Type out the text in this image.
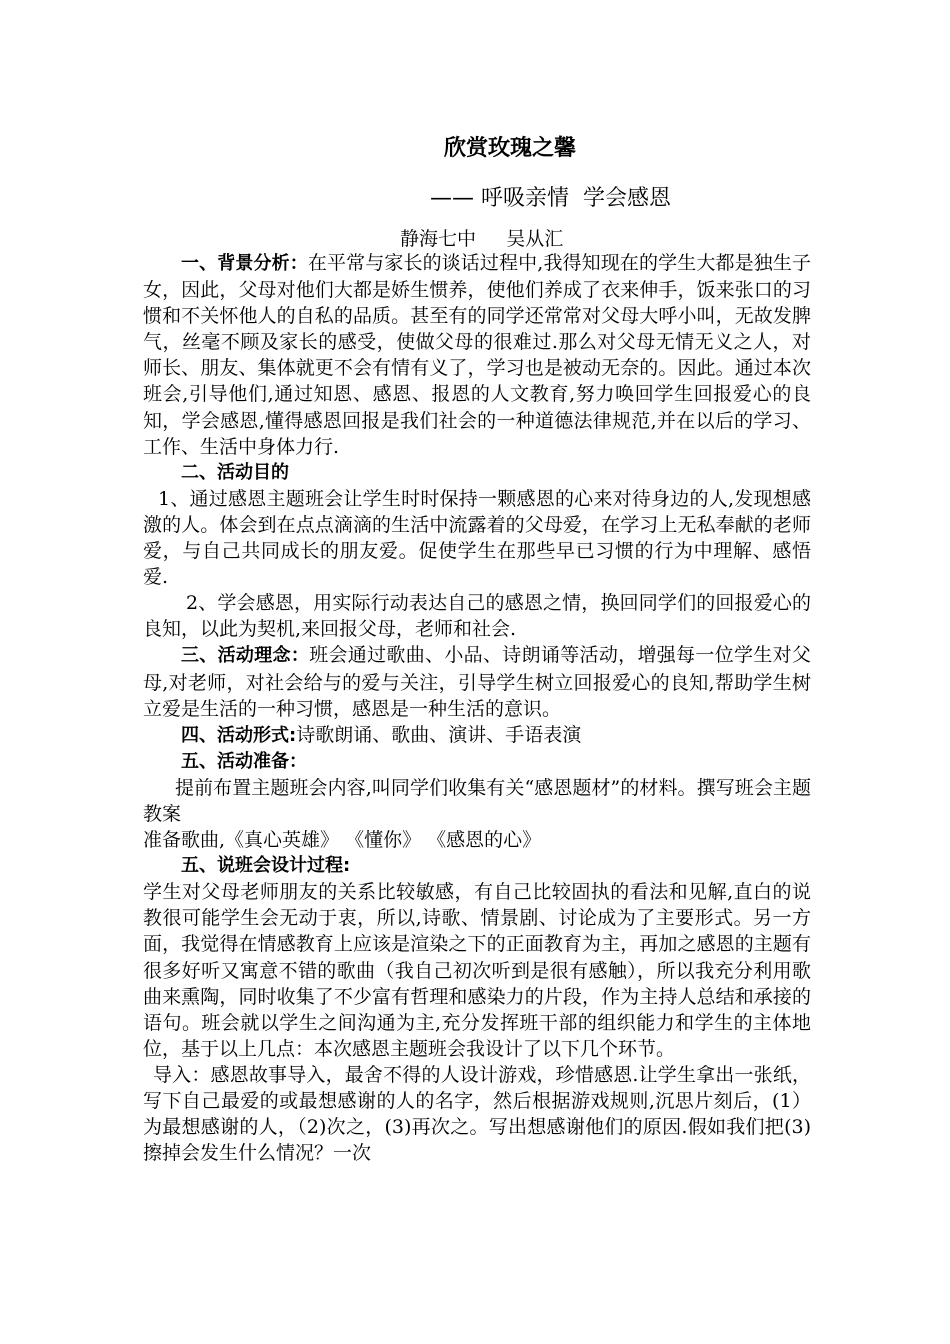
欣赏玫瑰之馨
—— 呼吸亲情  学会感恩
静海七中     吴从汇

一、背景分析：在平常与家长的谈话过程中,我得知现在的学生大都是独生子女，因此，父母对他们大都是娇生惯养，使他们养成了衣来伸手，饭来张口的习惯和不关怀他人的自私的品质。甚至有的同学还常常对父母大呼小叫，无故发脾气，丝毫不顾及家长的感受，使做父母的很难过.那么对父母无情无义之人，对师长、朋友、集体就更不会有情有义了，学习也是被动无奈的。因此。通过本次班会,引导他们,通过知恩、感恩、报恩的人文教育,努力唤回学生回报爱心的良知，学会感恩,懂得感恩回报是我们社会的一种道德法律规范,并在以后的学习、工作、生活中身体力行.

二、活动目的

1、通过感恩主题班会让学生时时保持一颗感恩的心来对待身边的人,发现想感激的人。体会到在点点滴滴的生活中流露着的父母爱，在学习上无私奉献的老师爱，与自己共同成长的朋友爱。促使学生在那些早已习惯的行为中理解、感悟爱.

2、学会感恩，用实际行动表达自己的感恩之情，换回同学们的回报爱心的良知，以此为契机,来回报父母，老师和社会.

三、活动理念：班会通过歌曲、小品、诗朗诵等活动，增强每一位学生对父母,对老师，对社会给与的爱与关注，引导学生树立回报爱心的良知,帮助学生树立爱是生活的一种习惯，感恩是一种生活的意识。

四、活动形式:诗歌朗诵、歌曲、演讲、手语表演

五、活动准备：

提前布置主题班会内容,叫同学们收集有关“感恩题材”的材料。撰写班会主题教案

准备歌曲,《真心英雄》 《懂你》 《感恩的心》

五、说班会设计过程:

学生对父母老师朋友的关系比较敏感，有自己比较固执的看法和见解,直白的说教很可能学生会无动于衷，所以,诗歌、情景剧、讨论成为了主要形式。另一方面，我觉得在情感教育上应该是渲染之下的正面教育为主，再加之感恩的主题有很多好听又寓意不错的歌曲（我自己初次听到是很有感触），所以我充分利用歌曲来熏陶，同时收集了不少富有哲理和感染力的片段，作为主持人总结和承接的语句。班会就以学生之间沟通为主,充分发挥班干部的组织能力和学生的主体地位，基于以上几点：本次感恩主题班会我设计了以下几个环节。

导入：感恩故事导入，最舍不得的人设计游戏，珍惜感恩.让学生拿出一张纸，写下自己最爱的或最想感谢的人的名字，然后根据游戏规则,沉思片刻后，(1）为最想感谢的人，（2)次之，(3)再次之。写出想感谢他们的原因.假如我们把(3) 擦掉会发生什么情况？一次
